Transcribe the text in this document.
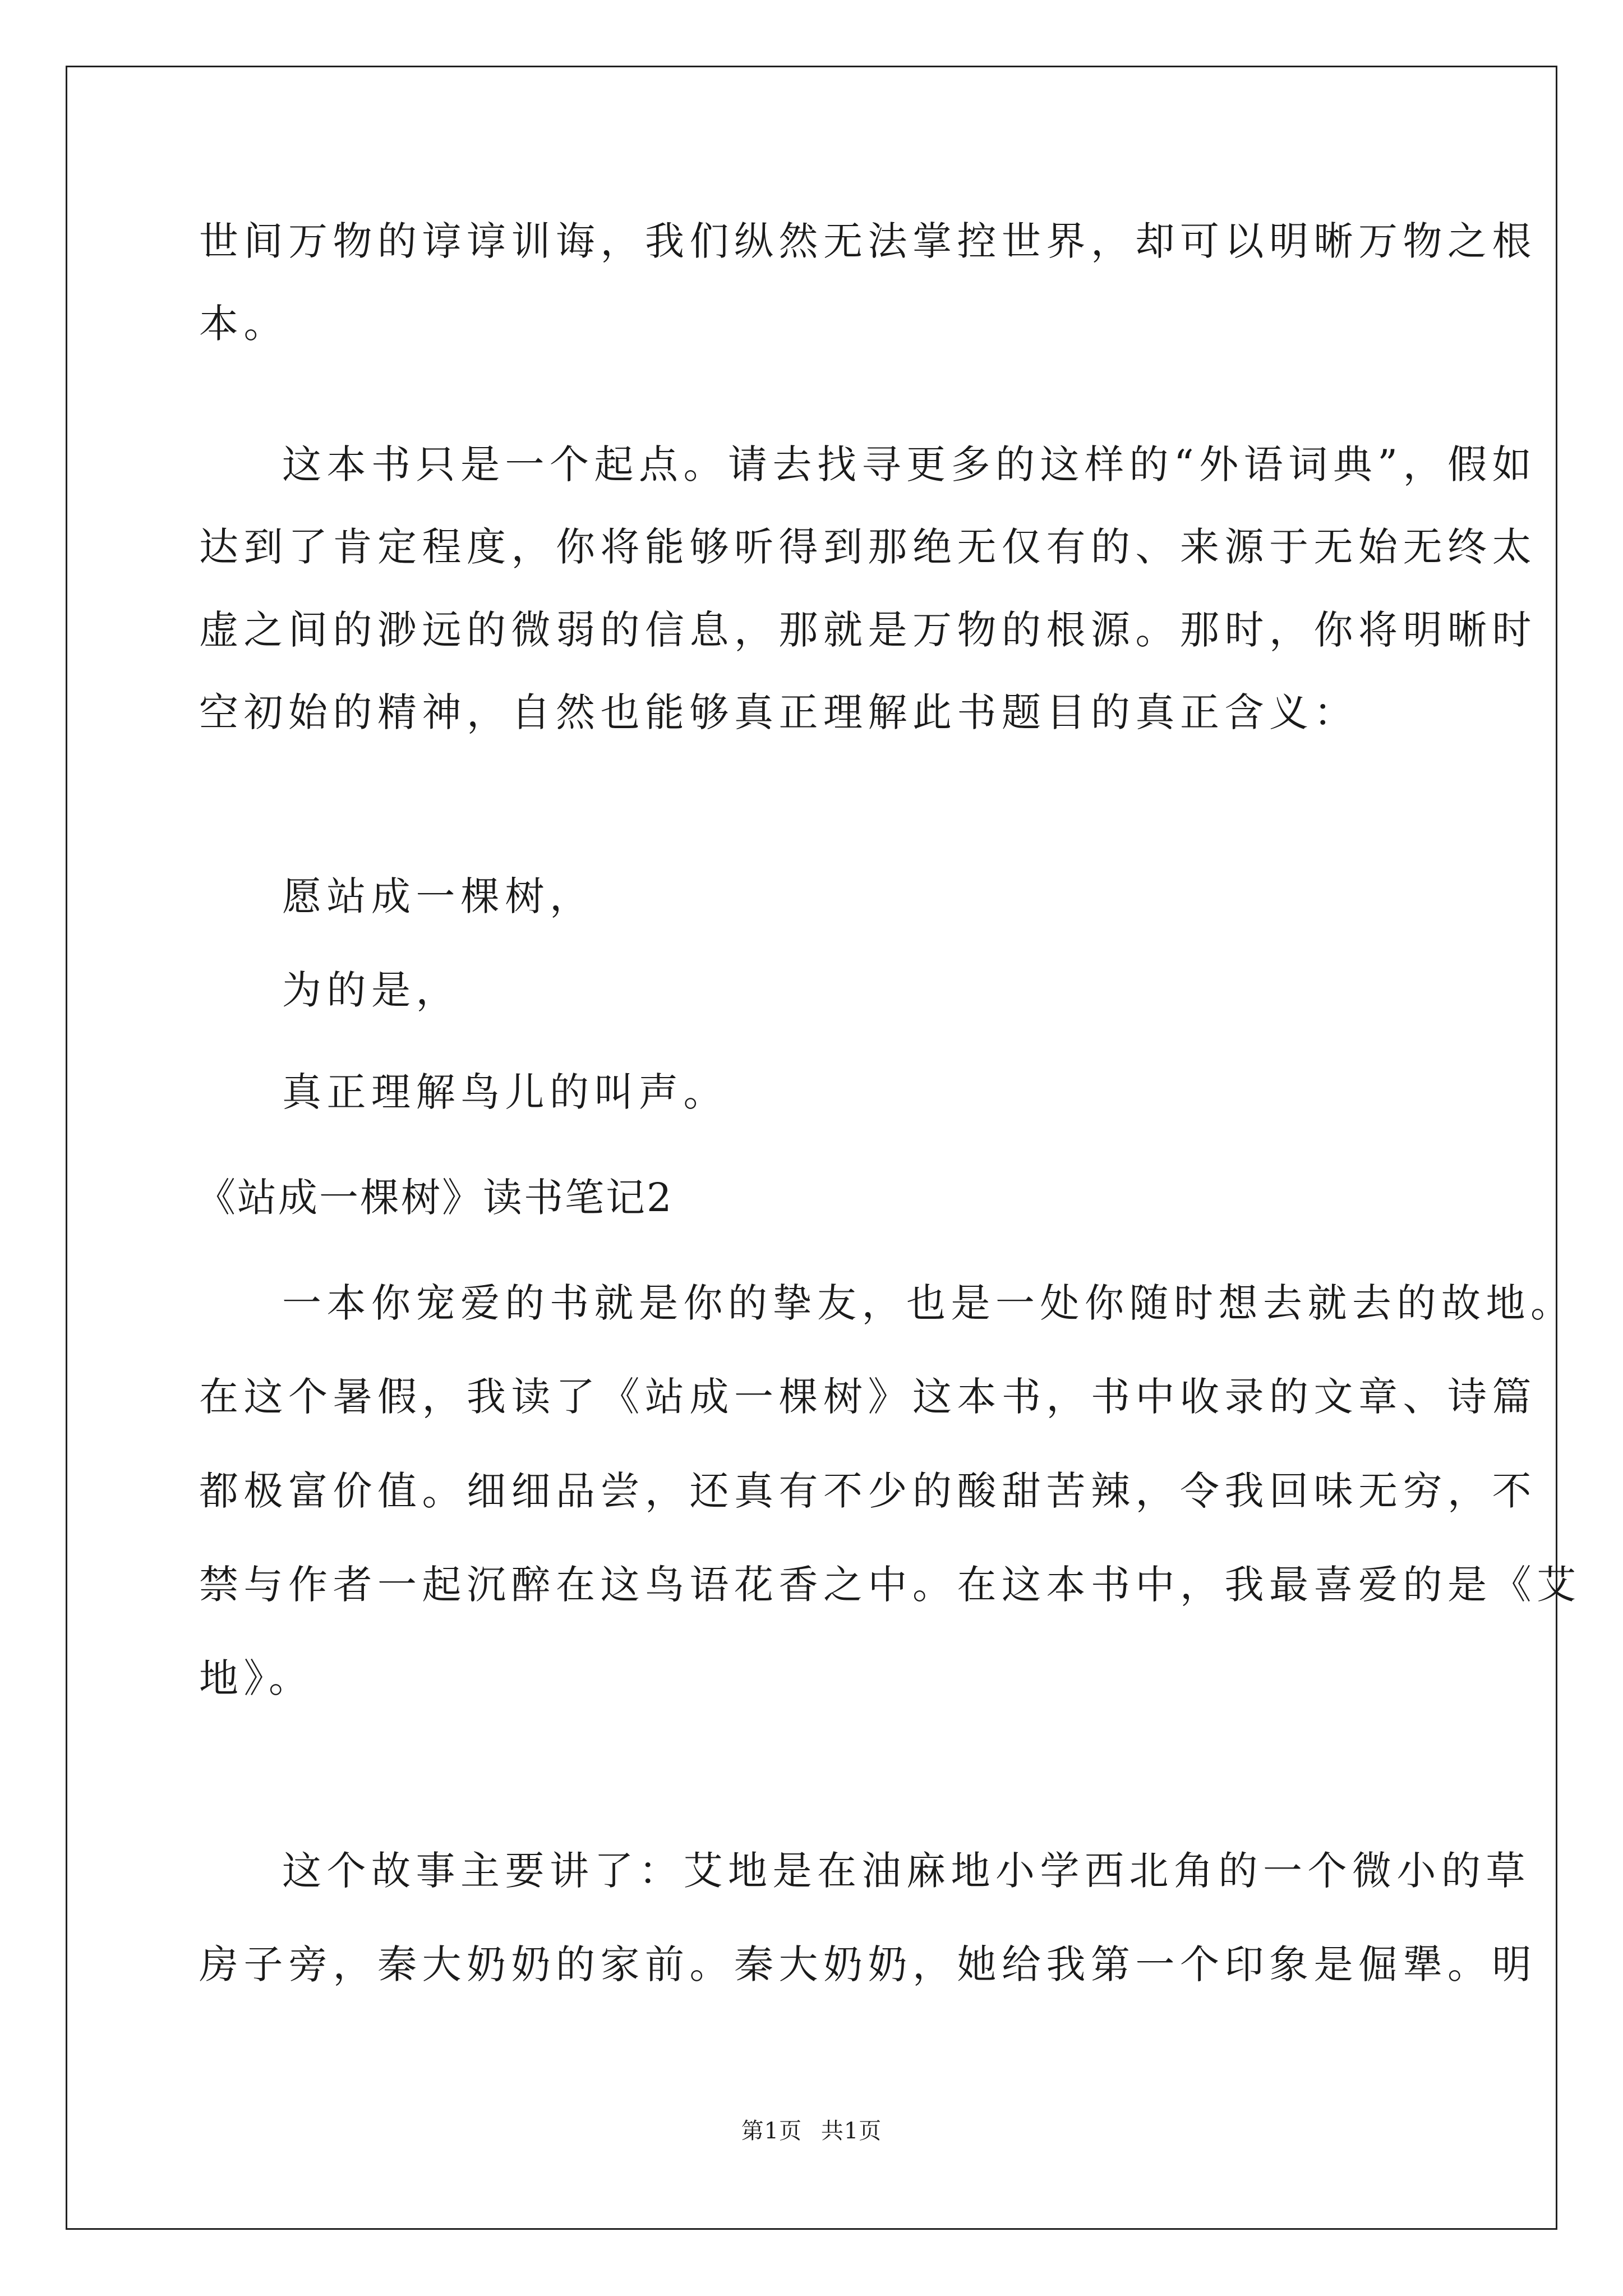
世间万物的谆谆训诲，我们纵然无法掌控世界，却可以明晰万物之根

本。

这本书只是一个起点。请去找寻更多的这样的“外语词典”，假如

达到了肯定程度，你将能够听得到那绝无仅有的、来源于无始无终太

虚之间的渺远的微弱的信息，那就是万物的根源。那时，你将明晰时

空初始的精神，自然也能够真正理解此书题目的真正含义：

愿站成一棵树，

为的是，

真正理解鸟儿的叫声。

《站成一棵树》读书笔记2

一本你宠爱的书就是你的挚友，也是一处你随时想去就去的故地。

在这个暑假，我读了《站成一棵树》这本书，书中收录的文章、诗篇

都极富价值。细细品尝，还真有不少的酸甜苦辣，令我回味无穷，不

禁与作者一起沉醉在这鸟语花香之中。在这本书中，我最喜爱的是《艾

地》。

这个故事主要讲了：艾地是在油麻地小学西北角的一个微小的草

房子旁，秦大奶奶的家前。秦大奶奶，她给我第一个印象是倔犟。明

第1页 共1页
